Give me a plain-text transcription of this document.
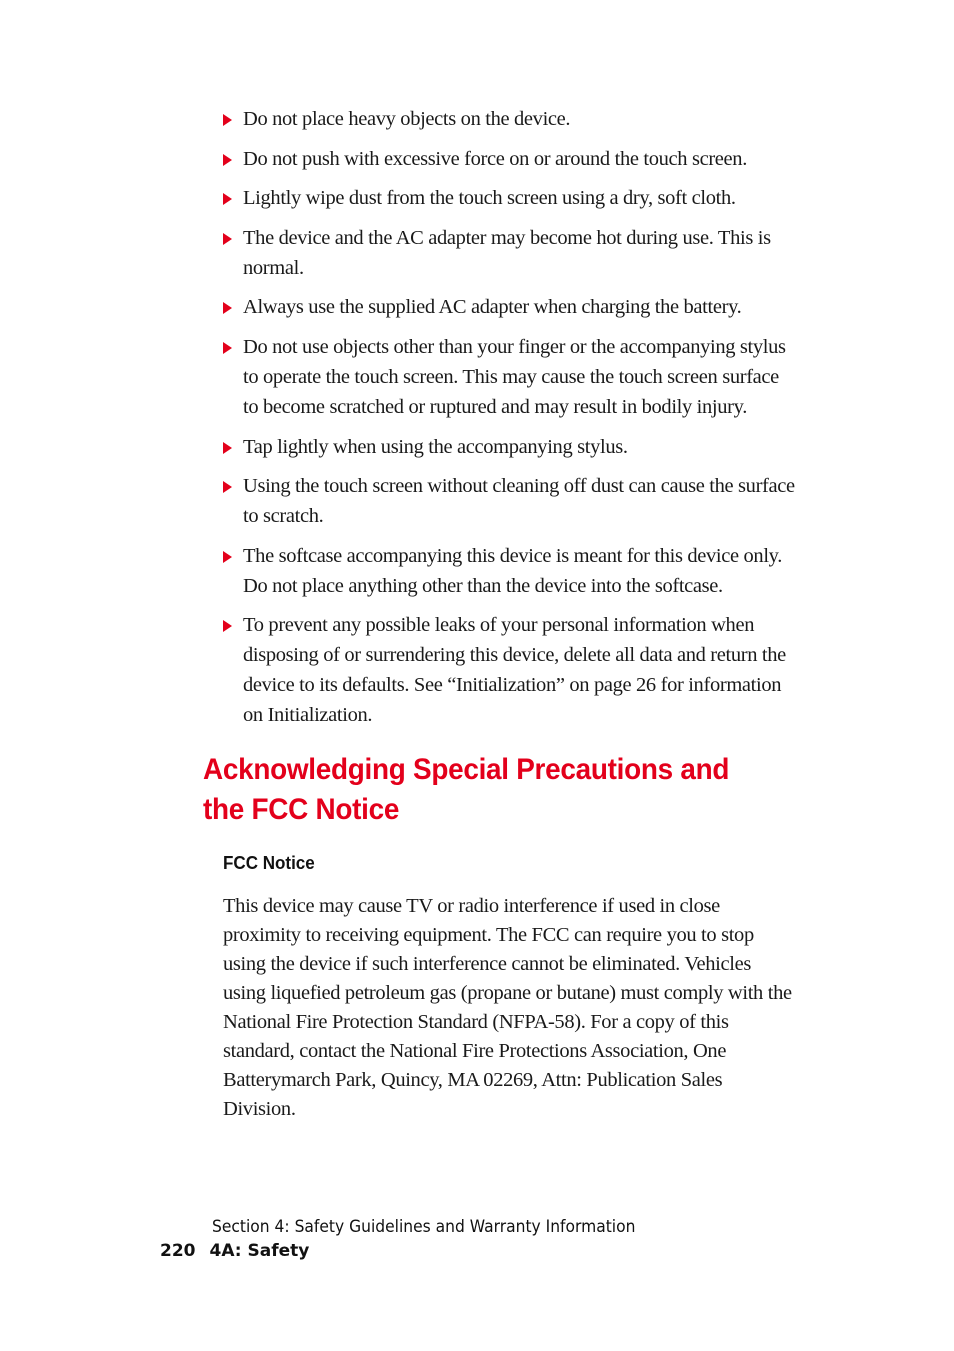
Do not place heavy objects on the device.
Do not push with excessive force on or around the touch screen.
Lightly wipe dust from the touch screen using a dry, soft cloth.
The device and the AC adapter may become hot during use. This is normal.
Always use the supplied AC adapter when charging the battery.
Do not use objects other than your finger or the accompanying stylus to operate the touch screen. This may cause the touch screen surface to become scratched or ruptured and may result in bodily injury.
Tap lightly when using the accompanying stylus.
Using the touch screen without cleaning off dust can cause the surface to scratch.
The softcase accompanying this device is meant for this device only. Do not place anything other than the device into the softcase.
To prevent any possible leaks of your personal information when disposing of or surrendering this device, delete all data and return the device to its defaults. See “Initialization” on page 26 for information on Initialization.
Acknowledging Special Precautions and the FCC Notice
FCC Notice

This device may cause TV or radio interference if used in close proximity to receiving equipment. The FCC can require you to stop using the device if such interference cannot be eliminated. Vehicles using liquefied petroleum gas (propane or butane) must comply with the National Fire Protection Standard (NFPA-58). For a copy of this standard, contact the National Fire Protections Association, One Batterymarch Park, Quincy, MA 02269, Attn: Publication Sales Division.

Section 4: Safety Guidelines and Warranty Information
220 4A: Safety
